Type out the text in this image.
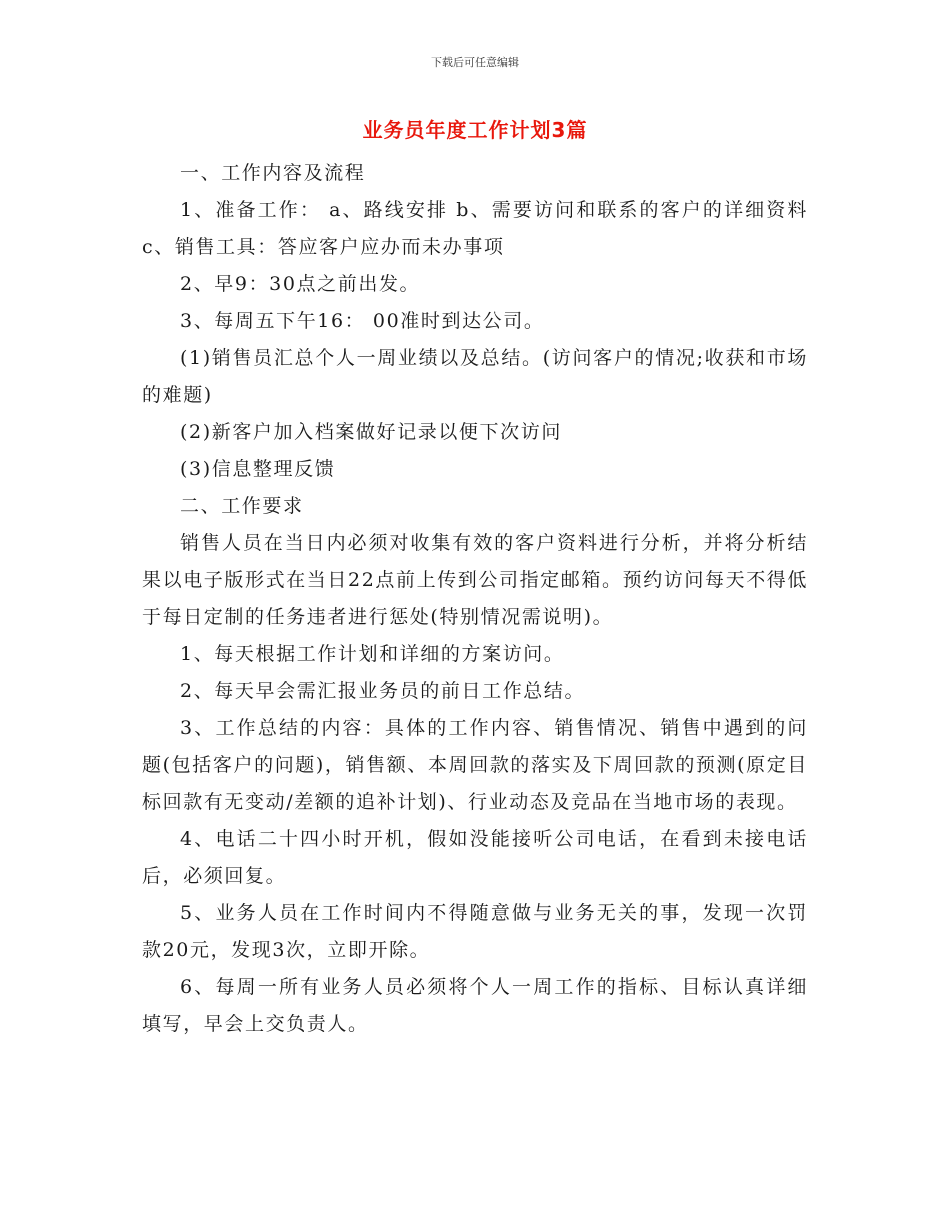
下载后可任意编辑
业务员年度工作计划3篇

一、工作内容及流程

1、准备工作： a、路线安排 b、需要访问和联系的客户的详细资料 c、销售工具：答应客户应办而未办事项

2、早9：30点之前出发。

3、每周五下午16： 00准时到达公司。

(1)销售员汇总个人一周业绩以及总结。(访问客户的情况;收获和市场的难题)

(2)新客户加入档案做好记录以便下次访问

(3)信息整理反馈

二、工作要求

销售人员在当日内必须对收集有效的客户资料进行分析，并将分析结果以电子版形式在当日22点前上传到公司指定邮箱。预约访问每天不得低于每日定制的任务违者进行惩处(特别情况需说明)。

1、每天根据工作计划和详细的方案访问。

2、每天早会需汇报业务员的前日工作总结。

3、工作总结的内容：具体的工作内容、销售情况、销售中遇到的问题(包括客户的问题)，销售额、本周回款的落实及下周回款的预测(原定目标回款有无变动/差额的追补计划)、行业动态及竞品在当地市场的表现。

4、电话二十四小时开机，假如没能接听公司电话，在看到未接电话后，必须回复。

5、业务人员在工作时间内不得随意做与业务无关的事，发现一次罚款20元，发现3次，立即开除。

6、每周一所有业务人员必须将个人一周工作的指标、目标认真详细填写，早会上交负责人。
